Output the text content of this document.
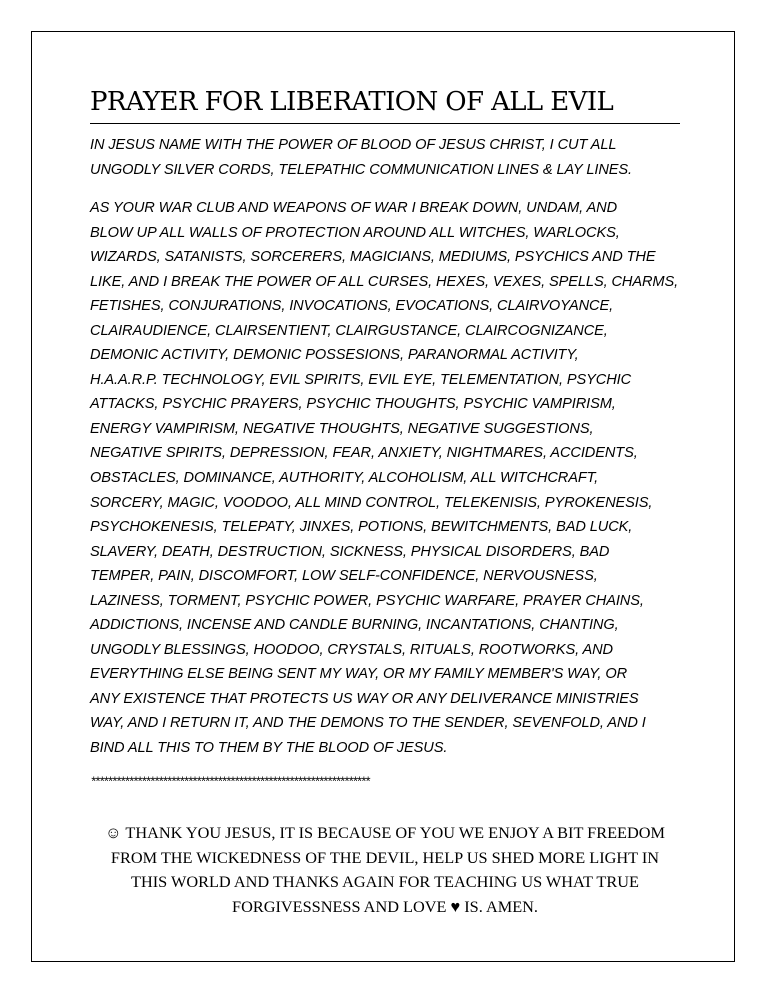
PRAYER FOR LIBERATION OF ALL EVIL
IN JESUS NAME WITH THE POWER OF BLOOD OF JESUS CHRIST, I CUT ALL
UNGODLY SILVER CORDS, TELEPATHIC COMMUNICATION LINES & LAY LINES.
AS YOUR WAR CLUB AND WEAPONS OF WAR I BREAK DOWN, UNDAM, AND
BLOW UP ALL WALLS OF PROTECTION AROUND ALL WITCHES, WARLOCKS,
WIZARDS, SATANISTS, SORCERERS, MAGICIANS, MEDIUMS, PSYCHICS AND THE
LIKE, AND I BREAK THE POWER OF ALL CURSES, HEXES, VEXES, SPELLS, CHARMS,
FETISHES, CONJURATIONS, INVOCATIONS, EVOCATIONS, CLAIRVOYANCE,
CLAIRAUDIENCE, CLAIRSENTIENT, CLAIRGUSTANCE, CLAIRCOGNIZANCE,
DEMONIC ACTIVITY, DEMONIC POSSESIONS, PARANORMAL ACTIVITY,
H.A.A.R.P. TECHNOLOGY, EVIL SPIRITS, EVIL EYE, TELEMENTATION, PSYCHIC
ATTACKS, PSYCHIC PRAYERS, PSYCHIC THOUGHTS, PSYCHIC VAMPIRISM,
ENERGY VAMPIRISM, NEGATIVE THOUGHTS, NEGATIVE SUGGESTIONS,
NEGATIVE SPIRITS, DEPRESSION, FEAR, ANXIETY, NIGHTMARES, ACCIDENTS,
OBSTACLES, DOMINANCE, AUTHORITY, ALCOHOLISM, ALL WITCHCRAFT,
SORCERY, MAGIC, VOODOO, ALL MIND CONTROL, TELEKENISIS, PYROKENESIS,
PSYCHOKENESIS, TELEPATY, JINXES, POTIONS, BEWITCHMENTS, BAD LUCK,
SLAVERY, DEATH, DESTRUCTION, SICKNESS, PHYSICAL DISORDERS, BAD
TEMPER, PAIN, DISCOMFORT, LOW SELF-CONFIDENCE, NERVOUSNESS,
LAZINESS, TORMENT, PSYCHIC POWER, PSYCHIC WARFARE, PRAYER CHAINS,
ADDICTIONS, INCENSE AND CANDLE BURNING, INCANTATIONS, CHANTING,
UNGODLY BLESSINGS, HOODOO, CRYSTALS, RITUALS, ROOTWORKS, AND
EVERYTHING ELSE BEING SENT MY WAY, OR MY FAMILY MEMBER'S WAY, OR
ANY EXISTENCE THAT PROTECTS US WAY OR ANY DELIVERANCE MINISTRIES
WAY, AND I RETURN IT, AND THE DEMONS TO THE SENDER, SEVENFOLD, AND I
BIND ALL THIS TO THEM BY THE BLOOD OF JESUS.
******************************************************************
☺ THANK YOU JESUS, IT IS BECAUSE OF YOU WE ENJOY A BIT FREEDOM
FROM THE WICKEDNESS OF THE DEVIL, HELP US SHED MORE LIGHT IN
THIS WORLD AND THANKS AGAIN FOR TEACHING US WHAT TRUE
FORGIVESSNESS AND LOVE ♥ IS. AMEN.
